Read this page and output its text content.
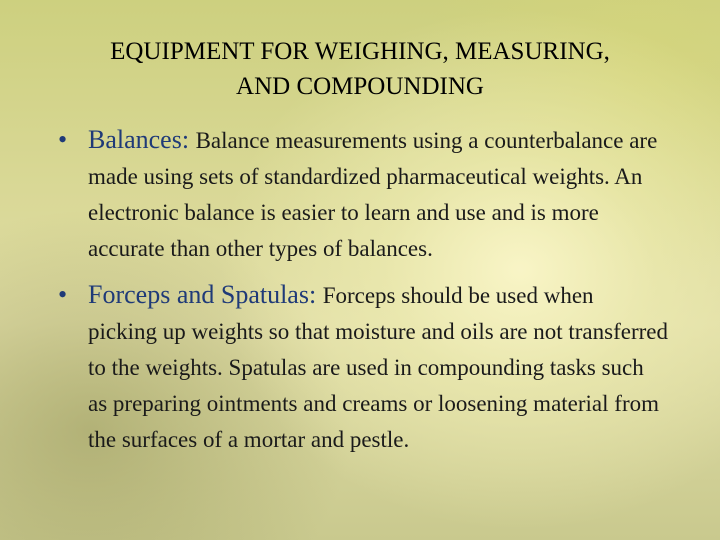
EQUIPMENT FOR WEIGHING, MEASURING,
AND COMPOUNDING
• Balances: Balance measurements using a counterbalance are made using sets of standardized pharmaceutical weights. An electronic balance is easier to learn and use and is more accurate than other types of balances.
• Forceps and Spatulas: Forceps should be used when picking up weights so that moisture and oils are not transferred to the weights. Spatulas are used in compounding tasks such as preparing ointments and creams or loosening material from the surfaces of a mortar and pestle.
